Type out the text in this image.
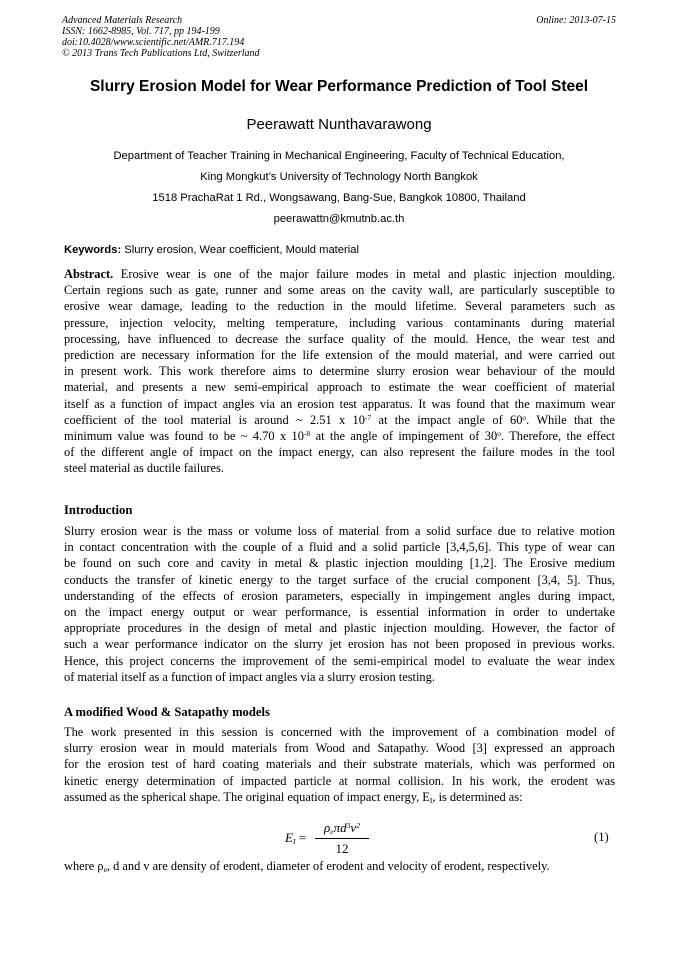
Advanced Materials Research
ISSN: 1662-8985, Vol. 717, pp 194-199
doi:10.4028/www.scientific.net/AMR.717.194
© 2013 Trans Tech Publications Ltd, Switzerland
Online: 2013-07-15
Slurry Erosion Model for Wear Performance Prediction of Tool Steel
Peerawatt Nunthavarawong
Department of Teacher Training in Mechanical Engineering, Faculty of Technical Education,
King Mongkut’s University of Technology North Bangkok
1518 PrachaRat 1 Rd., Wongsawang, Bang-Sue, Bangkok 10800, Thailand
peerawattn@kmutnb.ac.th
Keywords: Slurry erosion, Wear coefficient, Mould material
Abstract. Erosive wear is one of the major failure modes in metal and plastic injection moulding.
Certain regions such as gate, runner and some areas on the cavity wall, are particularly susceptible to
erosive wear damage, leading to the reduction in the mould lifetime. Several parameters such as
pressure, injection velocity, melting temperature, including various contaminants during material
processing, have influenced to decrease the surface quality of the mould. Hence, the wear test and
prediction are necessary information for the life extension of the mould material, and were carried out
in present work. This work therefore aims to determine slurry erosion wear behaviour of the mould
material, and presents a new semi-empirical approach to estimate the wear coefficient of material
itself as a function of impact angles via an erosion test apparatus. It was found that the maximum wear
coefficient of the tool material is around ~ 2.51 x $10^{-7}$ at the impact angle of 60$^o$. While that the
minimum value was found to be ~ 4.70 x $10^{-8}$ at the angle of impingement of 30$^o$. Therefore, the effect
of the different angle of impact on the impact energy, can also represent the failure modes in the tool
steel material as ductile failures.
Introduction
Slurry erosion wear is the mass or volume loss of material from a solid surface due to relative motion
in contact concentration with the couple of a fluid and a solid particle [3,4,5,6]. This type of wear can
be found on such core and cavity in metal & plastic injection moulding [1,2]. The Erosive medium
conducts the transfer of kinetic energy to the target surface of the crucial component [3,4, 5]. Thus,
understanding of the effects of erosion parameters, especially in impingement angles during impact,
on the impact energy output or wear performance, is essential information in order to undertake
appropriate procedures in the design of metal and plastic injection moulding. However, the factor of
such a wear performance indicator on the slurry jet erosion has not been proposed in previous works.
Hence, this project concerns the improvement of the semi-empirical model to evaluate the wear index
of material itself as a function of impact angles via a slurry erosion testing.
A modified Wood & Satapathy models
The work presented in this session is concerned with the improvement of a combination model of
slurry erosion wear in mould materials from Wood and Satapathy. Wood [3] expressed an approach
for the erosion test of hard coating materials and their substrate materials, which was performed on
kinetic energy determination of impacted particle at normal collision. In his work, the erodent was
assumed as the spherical shape. The original equation of impact energy, $E_I$, is determined as:
$E_I$ =
$\rho_e\pi d^3v^2$
12
(1)
where $\rho_e$, d and v are density of erodent, diameter of erodent and velocity of erodent, respectively.
